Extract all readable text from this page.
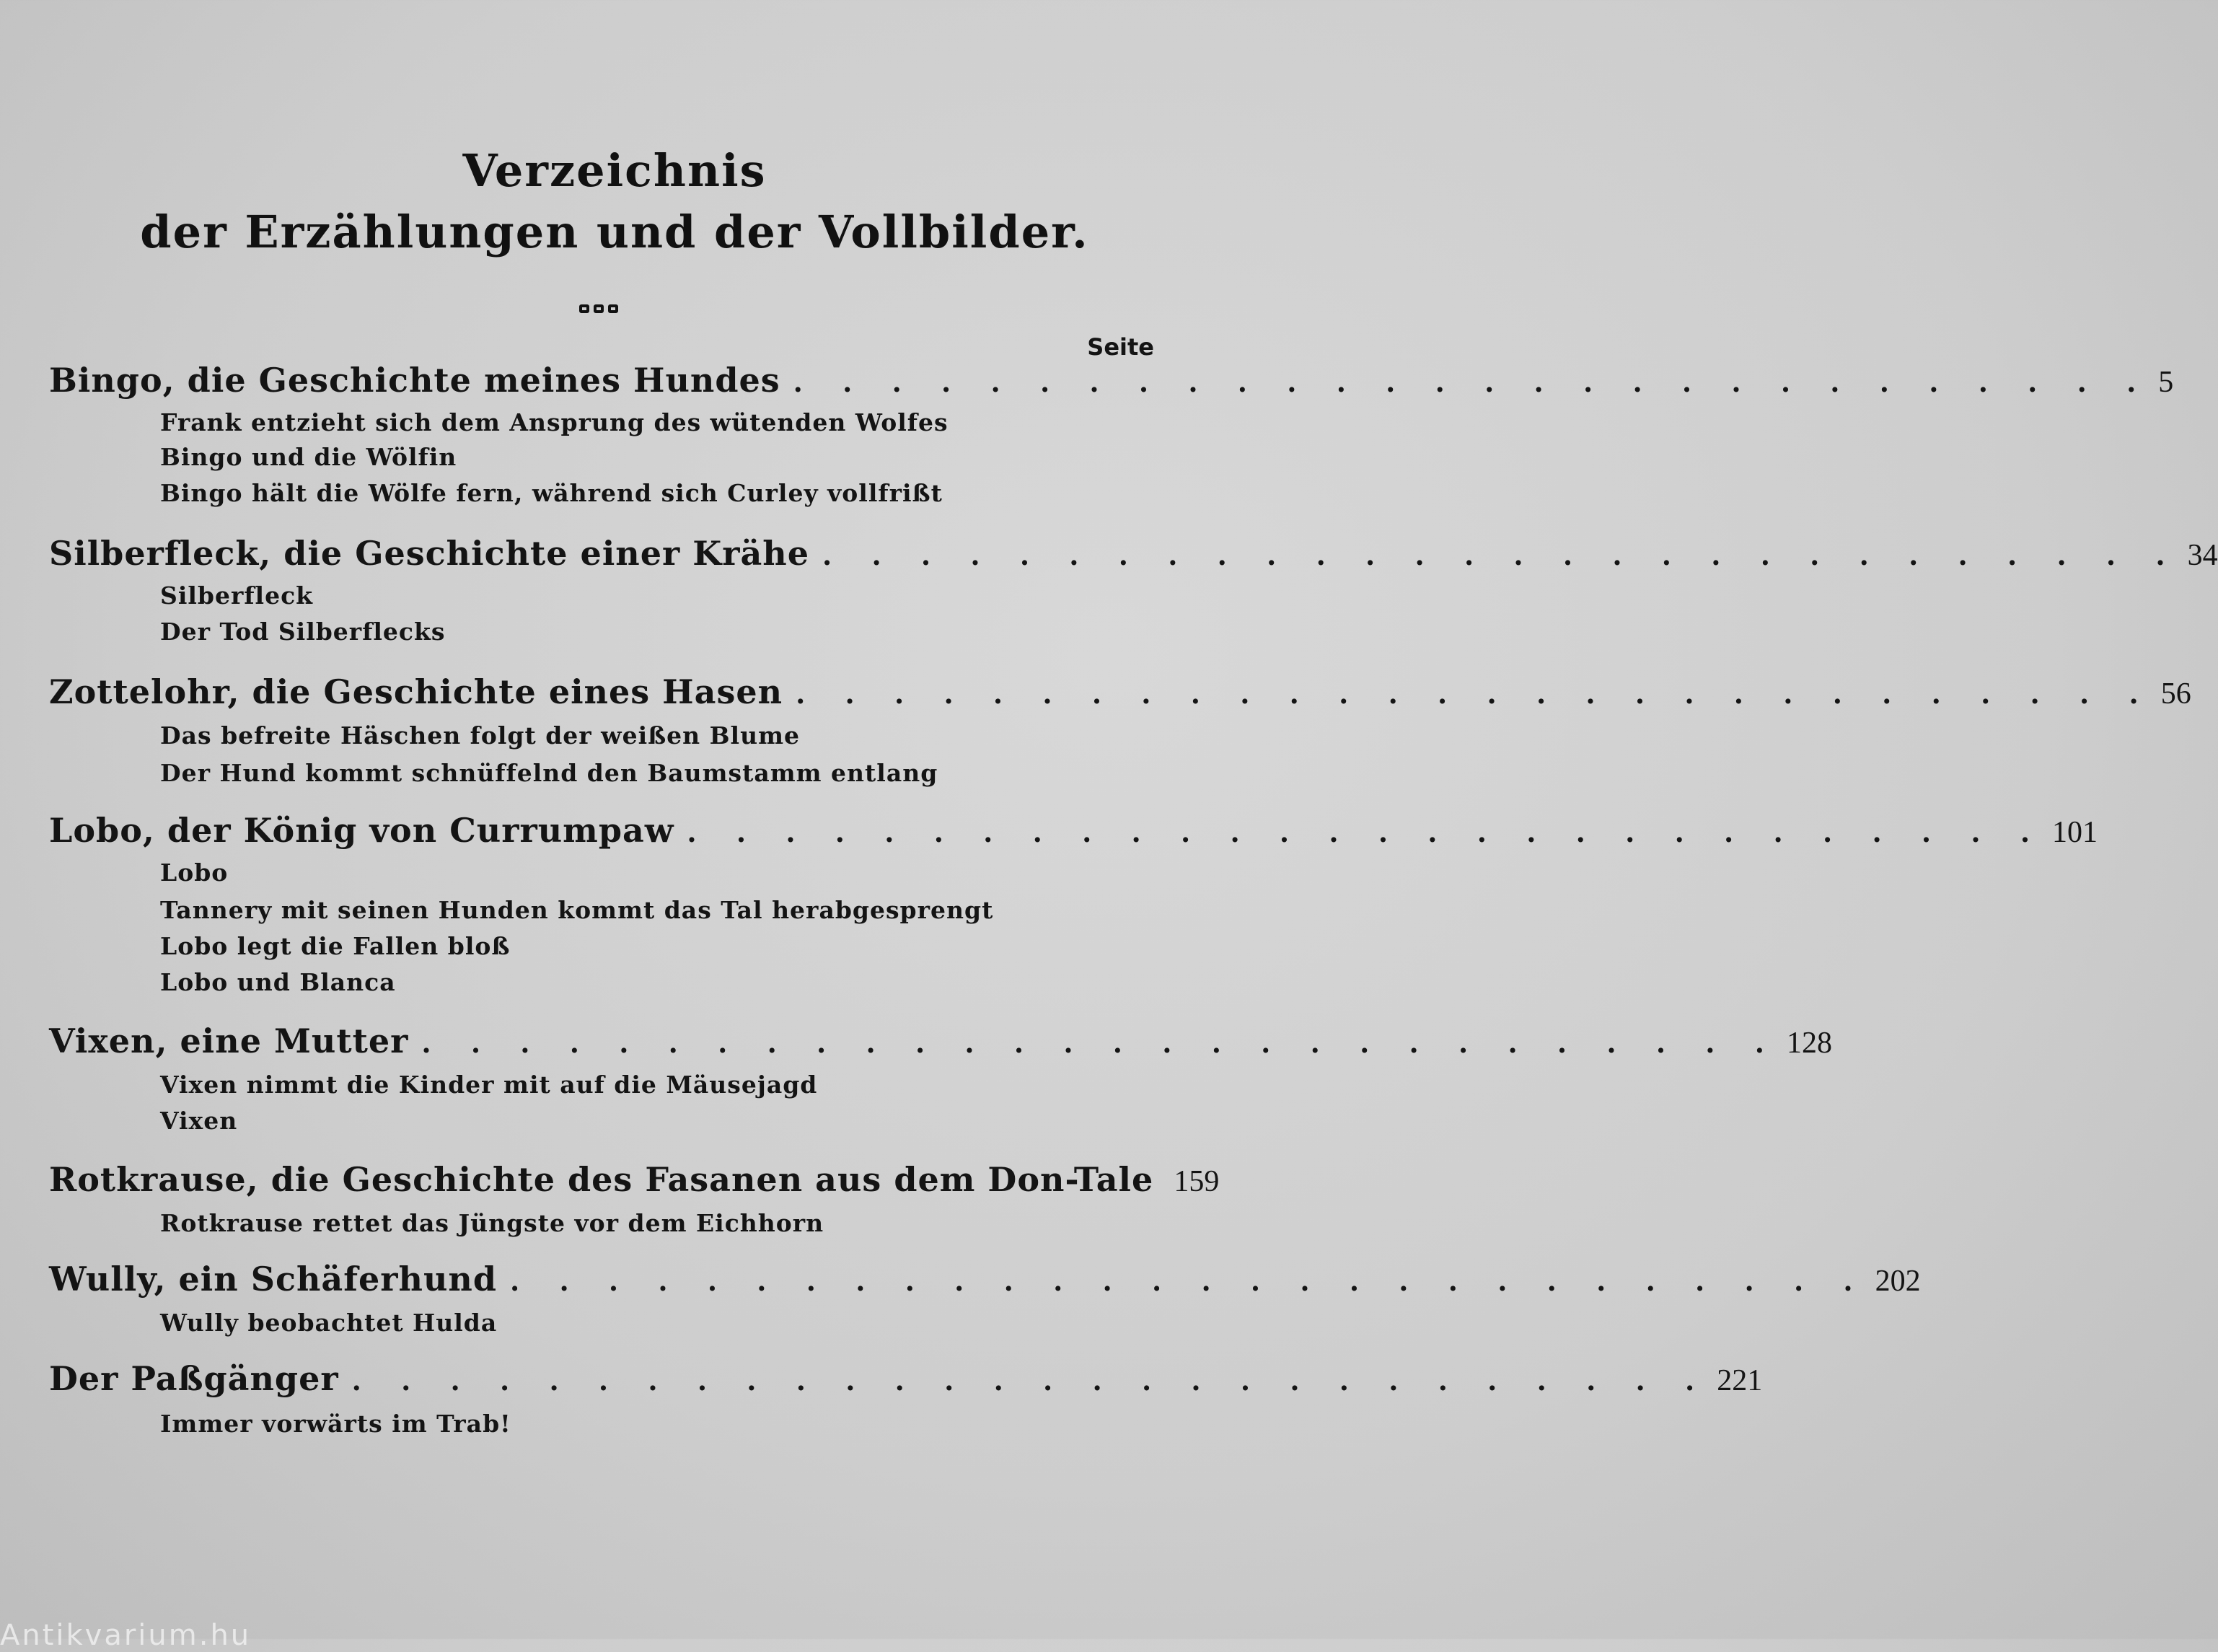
Verzeichnis
der Erzählungen und der Vollbilder.
Seite
Bingo, die Geschichte meines Hundes . . . . . . . . . . . . . . . . . . . . . . . . . . . . 5
Frank entzieht sich dem Ansprung des wütenden Wolfes
Bingo und die Wölfin
Bingo hält die Wölfe fern, während sich Curley vollfrißt
Silberfleck, die Geschichte einer Krähe . . . . . . . . . . . . . . . . . . . . . . . . . . . . 34
Silberfleck
Der Tod Silberflecks
Zottelohr, die Geschichte eines Hasen . . . . . . . . . . . . . . . . . . . . . . . . . . . . 56
Das befreite Häschen folgt der weißen Blume
Der Hund kommt schnüffelnd den Baumstamm entlang
Lobo, der König von Currumpaw . . . . . . . . . . . . . . . . . . . . . . . . . . . . 101
Lobo
Tannery mit seinen Hunden kommt das Tal herabgesprengt
Lobo legt die Fallen bloß
Lobo und Blanca
Vixen, eine Mutter . . . . . . . . . . . . . . . . . . . . . . . . . . . . 128
Vixen nimmt die Kinder mit auf die Mäusejagd
Vixen
Rotkrause, die Geschichte des Fasanen aus dem Don-Tale 159
Rotkrause rettet das Jüngste vor dem Eichhorn
Wully, ein Schäferhund . . . . . . . . . . . . . . . . . . . . . . . . . . . . 202
Wully beobachtet Hulda
Der Paßgänger . . . . . . . . . . . . . . . . . . . . . . . . . . . . 221
Immer vorwärts im Trab!
Antikvarium.hu
